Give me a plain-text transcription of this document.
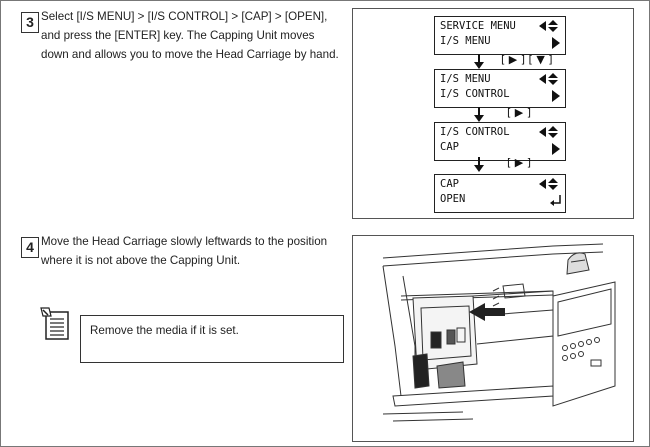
3 Select [I/S MENU] > [I/S CONTROL] > [CAP] > [OPEN],
and press the [ENTER] key. The Capping Unit moves
down and allows you to move the Head Carriage by hand.
SERVICE MENU
I/S MENU
[ ▶ ] [ ▼ ]
I/S MENU
I/S CONTROL
[ ▶ ]
I/S CONTROL
CAP
[ ▶ ]
CAP
OPEN
4 Move the Head Carriage slowly leftwards to the position
where it is not above the Capping Unit.
Remove the media if it is set.
